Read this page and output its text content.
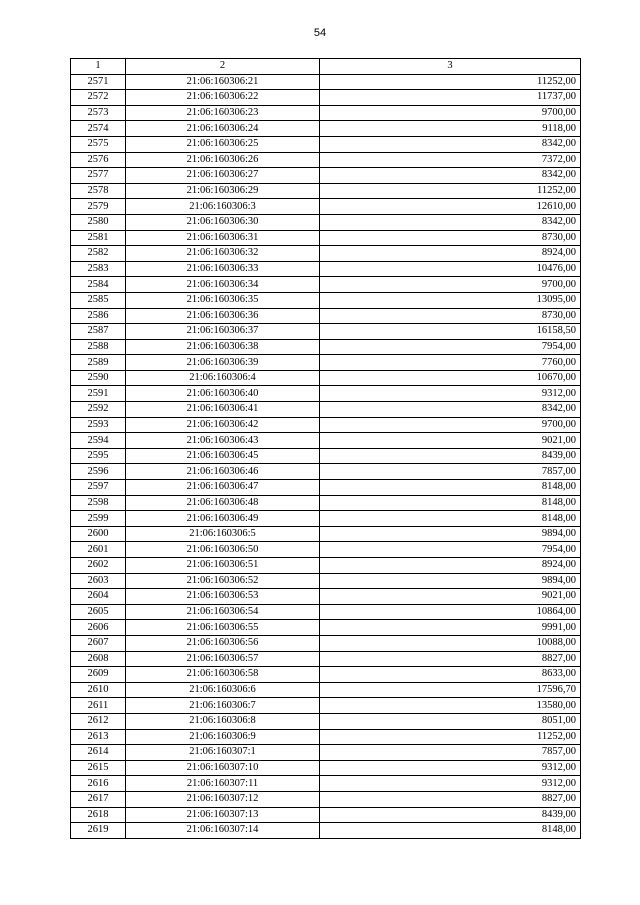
54
1	2	3
2571	21:06:160306:21	11252,00
2572	21:06:160306:22	11737,00
2573	21:06:160306:23	9700,00
2574	21:06:160306:24	9118,00
2575	21:06:160306:25	8342,00
2576	21:06:160306:26	7372,00
2577	21:06:160306:27	8342,00
2578	21:06:160306:29	11252,00
2579	21:06:160306:3	12610,00
2580	21:06:160306:30	8342,00
2581	21:06:160306:31	8730,00
2582	21:06:160306:32	8924,00
2583	21:06:160306:33	10476,00
2584	21:06:160306:34	9700,00
2585	21:06:160306:35	13095,00
2586	21:06:160306:36	8730,00
2587	21:06:160306:37	16158,50
2588	21:06:160306:38	7954,00
2589	21:06:160306:39	7760,00
2590	21:06:160306:4	10670,00
2591	21:06:160306:40	9312,00
2592	21:06:160306:41	8342,00
2593	21:06:160306:42	9700,00
2594	21:06:160306:43	9021,00
2595	21:06:160306:45	8439,00
2596	21:06:160306:46	7857,00
2597	21:06:160306:47	8148,00
2598	21:06:160306:48	8148,00
2599	21:06:160306:49	8148,00
2600	21:06:160306:5	9894,00
2601	21:06:160306:50	7954,00
2602	21:06:160306:51	8924,00
2603	21:06:160306:52	9894,00
2604	21:06:160306:53	9021,00
2605	21:06:160306:54	10864,00
2606	21:06:160306:55	9991,00
2607	21:06:160306:56	10088,00
2608	21:06:160306:57	8827,00
2609	21:06:160306:58	8633,00
2610	21:06:160306:6	17596,70
2611	21:06:160306:7	13580,00
2612	21:06:160306:8	8051,00
2613	21:06:160306:9	11252,00
2614	21:06:160307:1	7857,00
2615	21:06:160307:10	9312,00
2616	21:06:160307:11	9312,00
2617	21:06:160307:12	8827,00
2618	21:06:160307:13	8439,00
2619	21:06:160307:14	8148,00
